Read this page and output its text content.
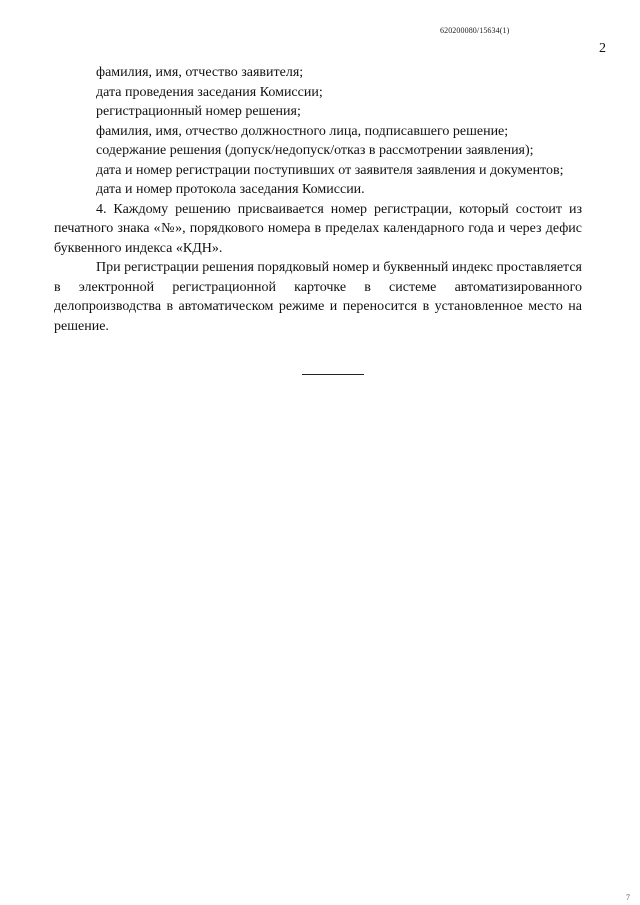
620200080/15634(1)
2

фамилия, имя, отчество заявителя;

дата проведения заседания Комиссии;

регистрационный номер решения;

фамилия, имя, отчество должностного лица, подписавшего решение;

содержание решения (допуск/недопуск/отказ в рассмотрении заявления);

дата и номер регистрации поступивших от заявителя заявления и документов;

дата и номер протокола заседания Комиссии.

4. Каждому решению присваивается номер регистрации, который состоит из печатного знака «№», порядкового номера в пределах календарного года и через дефис буквенного индекса «КДН».

При регистрации решения порядковый номер и буквенный индекс проставляется в электронной регистрационной карточке в системе автоматизированного делопроизводства в автоматическом режиме и переносится в установленное место на решение.

7
